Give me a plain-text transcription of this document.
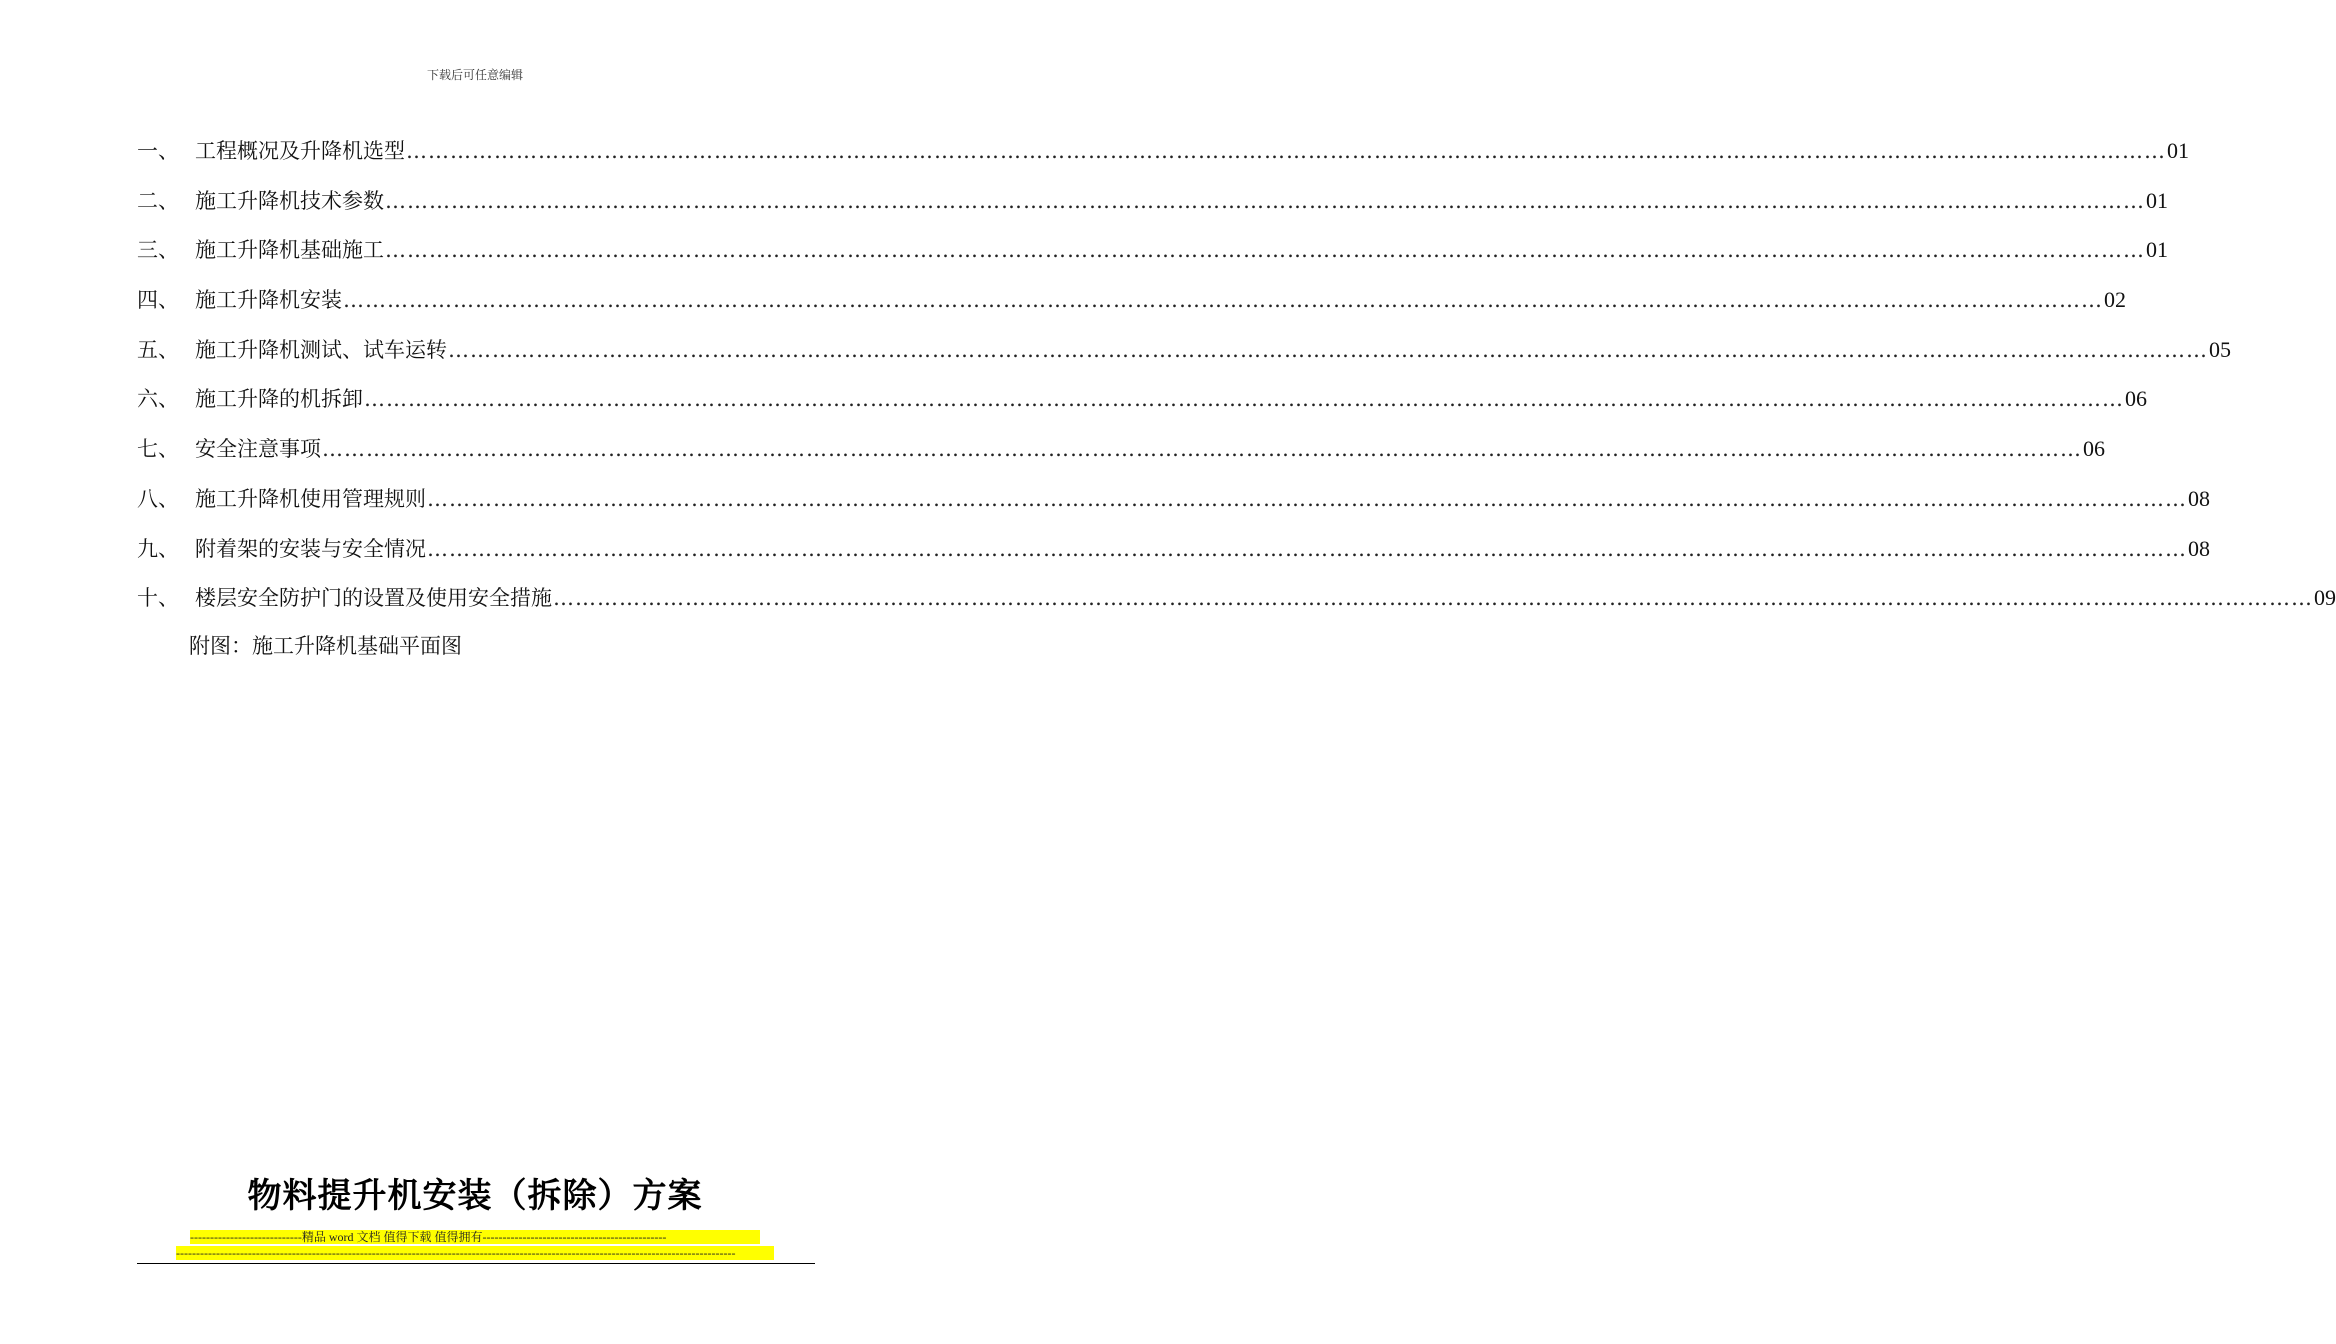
下载后可任意编辑
一、 工程概况及升降机选型 …………………………………………………………………………………………………………………………………………………………………………………………………………………… 01
二、 施工升降机技术参数 …………………………………………………………………………………………………………………………………………………………………………………………………………………… 01
三、 施工升降机基础施工 …………………………………………………………………………………………………………………………………………………………………………………………………………………… 01
四、 施工升降机安装 …………………………………………………………………………………………………………………………………………………………………………………………………………………… 02
五、 施工升降机测试、试车运转 …………………………………………………………………………………………………………………………………………………………………………………………………………………… 05
六、 施工升降的机拆卸 …………………………………………………………………………………………………………………………………………………………………………………………………………………… 06
七、 安全注意事项 …………………………………………………………………………………………………………………………………………………………………………………………………………………… 06
八、 施工升降机使用管理规则 …………………………………………………………………………………………………………………………………………………………………………………………………………………… 08
九、 附着架的安装与安全情况 …………………………………………………………………………………………………………………………………………………………………………………………………………………… 08
十、 楼层安全防护门的设置及使用安全措施 …………………………………………………………………………………………………………………………………………………………………………………………………………………… 09
附图：施工升降机基础平面图
物料提升机安装（拆除）方案
----------------------------精品 word 文档 值得下载 值得拥有----------------------------------------------
--------------------------------------------------------------------------------------------------------------------------------------------
